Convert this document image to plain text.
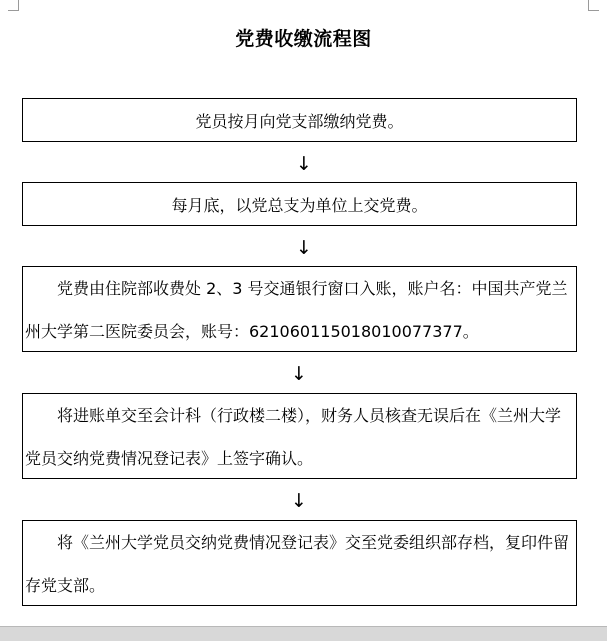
党费收缴流程图
党员按月向党支部缴纳党费。
↓
每月底，以党总支为单位上交党费。
↓
党费由住院部收费处 2、3 号交通银行窗口入账，账户名：中国共产党兰州大学第二医院委员会，账号：621060115018010077377。
↓
将进账单交至会计科（行政楼二楼），财务人员核查无误后在《兰州大学党员交纳党费情况登记表》上签字确认。
↓
将《兰州大学党员交纳党费情况登记表》交至党委组织部存档，复印件留存党支部。
